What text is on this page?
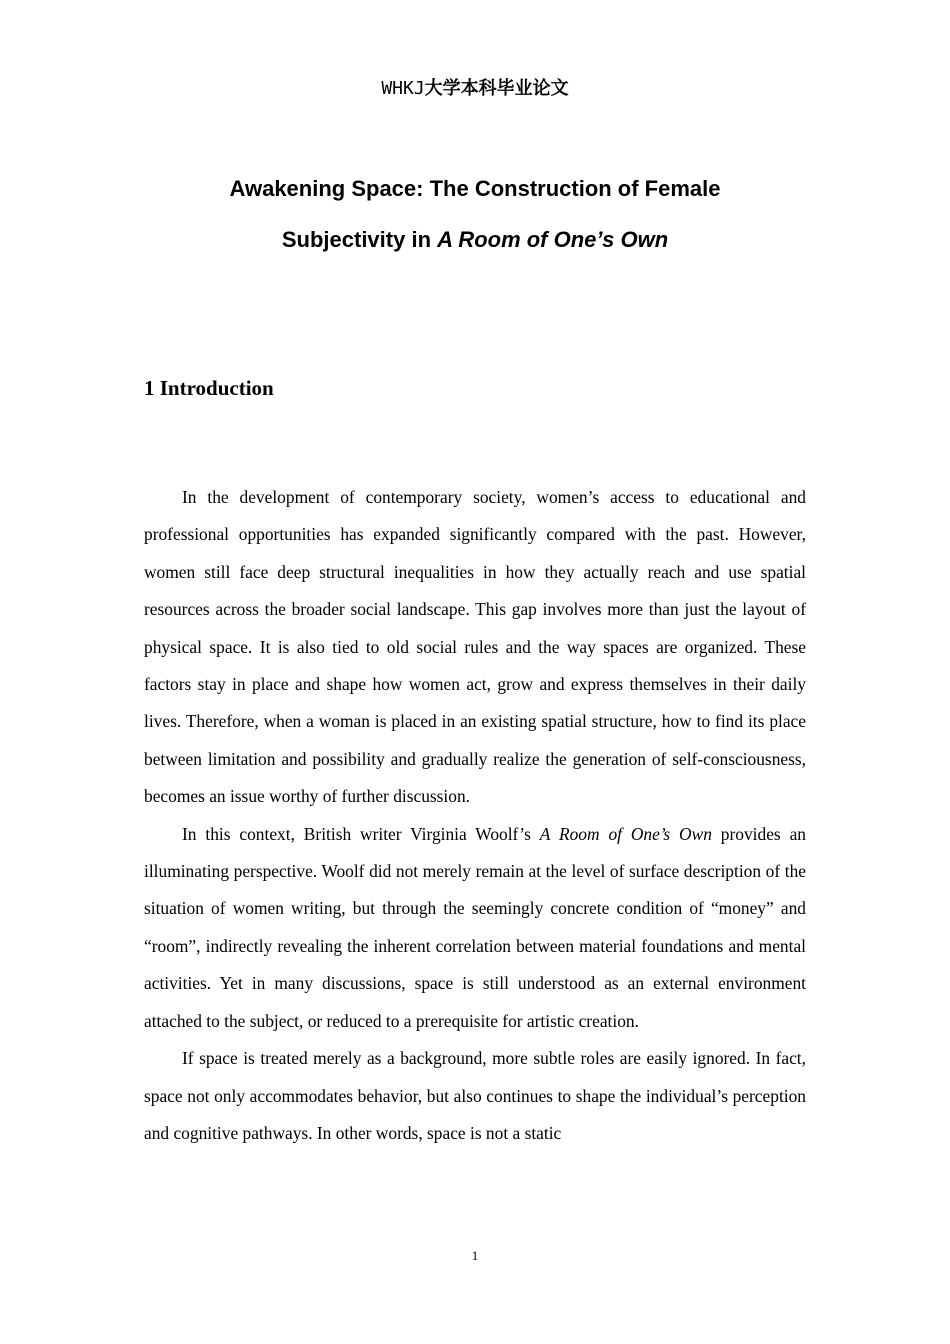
WHKJ大学本科毕业论文
Awakening Space: The Construction of Female
Subjectivity in A Room of One’s Own
1 Introduction

In the development of contemporary society, women’s access to educational and professional opportunities has expanded significantly compared with the past. However, women still face deep structural inequalities in how they actually reach and use spatial resources across the broader social landscape. This gap involves more than just the layout of physical space. It is also tied to old social rules and the way spaces are organized. These factors stay in place and shape how women act, grow and express themselves in their daily lives. Therefore, when a woman is placed in an existing spatial structure, how to find its place between limitation and possibility and gradually realize the generation of self-consciousness, becomes an issue worthy of further discussion.

In this context, British writer Virginia Woolf’s A Room of One’s Own provides an illuminating perspective. Woolf did not merely remain at the level of surface description of the situation of women writing, but through the seemingly concrete condition of “money” and “room”, indirectly revealing the inherent correlation between material foundations and mental activities. Yet in many discussions, space is still understood as an external environment attached to the subject, or reduced to a prerequisite for artistic creation.

If space is treated merely as a background, more subtle roles are easily ignored. In fact, space not only accommodates behavior, but also continues to shape the individual’s perception and cognitive pathways. In other words, space is not a static

1
